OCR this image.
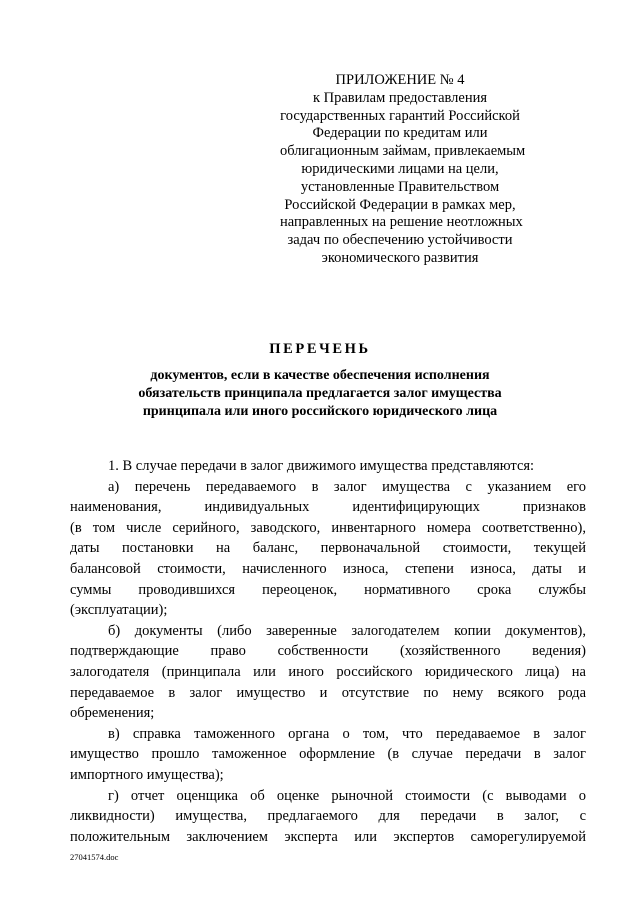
ПРИЛОЖЕНИЕ № 4
к Правилам предоставления
государственных гарантий Российской
Федерации по кредитам или
облигационным займам, привлекаемым
юридическими лицами на цели,
установленные Правительством
Российской Федерации в рамках мер,
направленных на решение неотложных
задач по обеспечению устойчивости
экономического развития
ПЕРЕЧЕНЬ
документов, если в качестве обеспечения исполнения
обязательств принципала предлагается залог имущества
принципала или иного российского юридического лица
1. В случае передачи в залог движимого имущества представляются:
а) перечень передаваемого в залог имущества с указанием его
наименования, индивидуальных идентифицирующих признаков
(в том числе серийного, заводского, инвентарного номера соответственно),
даты постановки на баланс, первоначальной стоимости, текущей
балансовой стоимости, начисленного износа, степени износа, даты и
суммы проводившихся переоценок, нормативного срока службы
(эксплуатации);
б) документы (либо заверенные залогодателем копии документов),
подтверждающие право собственности (хозяйственного ведения)
залогодателя (принципала или иного российского юридического лица) на
передаваемое в залог имущество и отсутствие по нему всякого рода
обременения;
в) справка таможенного органа о том, что передаваемое в залог
имущество прошло таможенное оформление (в случае передачи в залог
импортного имущества);
г) отчет оценщика об оценке рыночной стоимости (с выводами о
ликвидности) имущества, предлагаемого для передачи в залог, с
положительным заключением эксперта или экспертов саморегулируемой
27041574.doc
